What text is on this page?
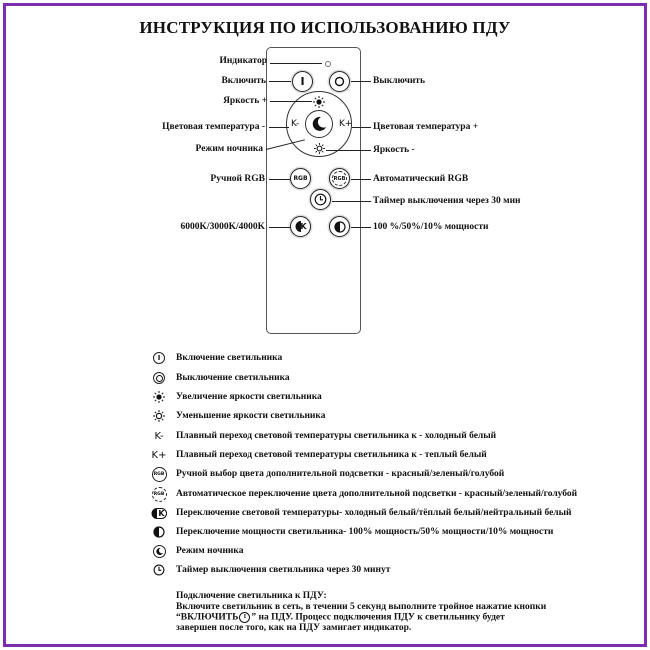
ИНСТРУКЦИЯ ПО ИСПОЛЬЗОВАНИЮ ПДУ
I
K-	K+
RGB	RGB
K
Индикатор
Включить
Яркость +
Цветовая температура -
Режим ночника
Ручной RGB
6000K/3000K/4000K
Выключить
Цветовая температура +
Яркость -
Автоматический RGB
Таймер выключения через 30 мин
100 %/50%/10% мощности
I Включение светильника
Выключение светильника
Увеличение яркости светильника
Уменьшение яркости светильника
K- Плавный переход световой температуры светильника к - холодный белый
K+ Плавный переход световой температуры светильника к - теплый белый
RGB Ручной выбор цвета дополнительной подсветки - красный/зеленый/голубой
RGB Автоматическое переключение цвета дополнительной подсветки - красный/зеленый/голубой
K Переключение световой температуры- холодный белый/тёплый белый/нейтральный белый
Переключение мощности светильника- 100% мощность/50% мощности/10% мощности
Режим ночника
Таймер выключения светильника через 30 минут
Подключение светильника к ПДУ:
Включите светильник в сеть, в течении 5 секунд выполните тройное нажатие кнопки
“ВКЛЮЧИТЬ I ” на ПДУ. Процесс подключения ПДУ к светильнику будет
завершен после того, как на ПДУ замигает индикатор.
